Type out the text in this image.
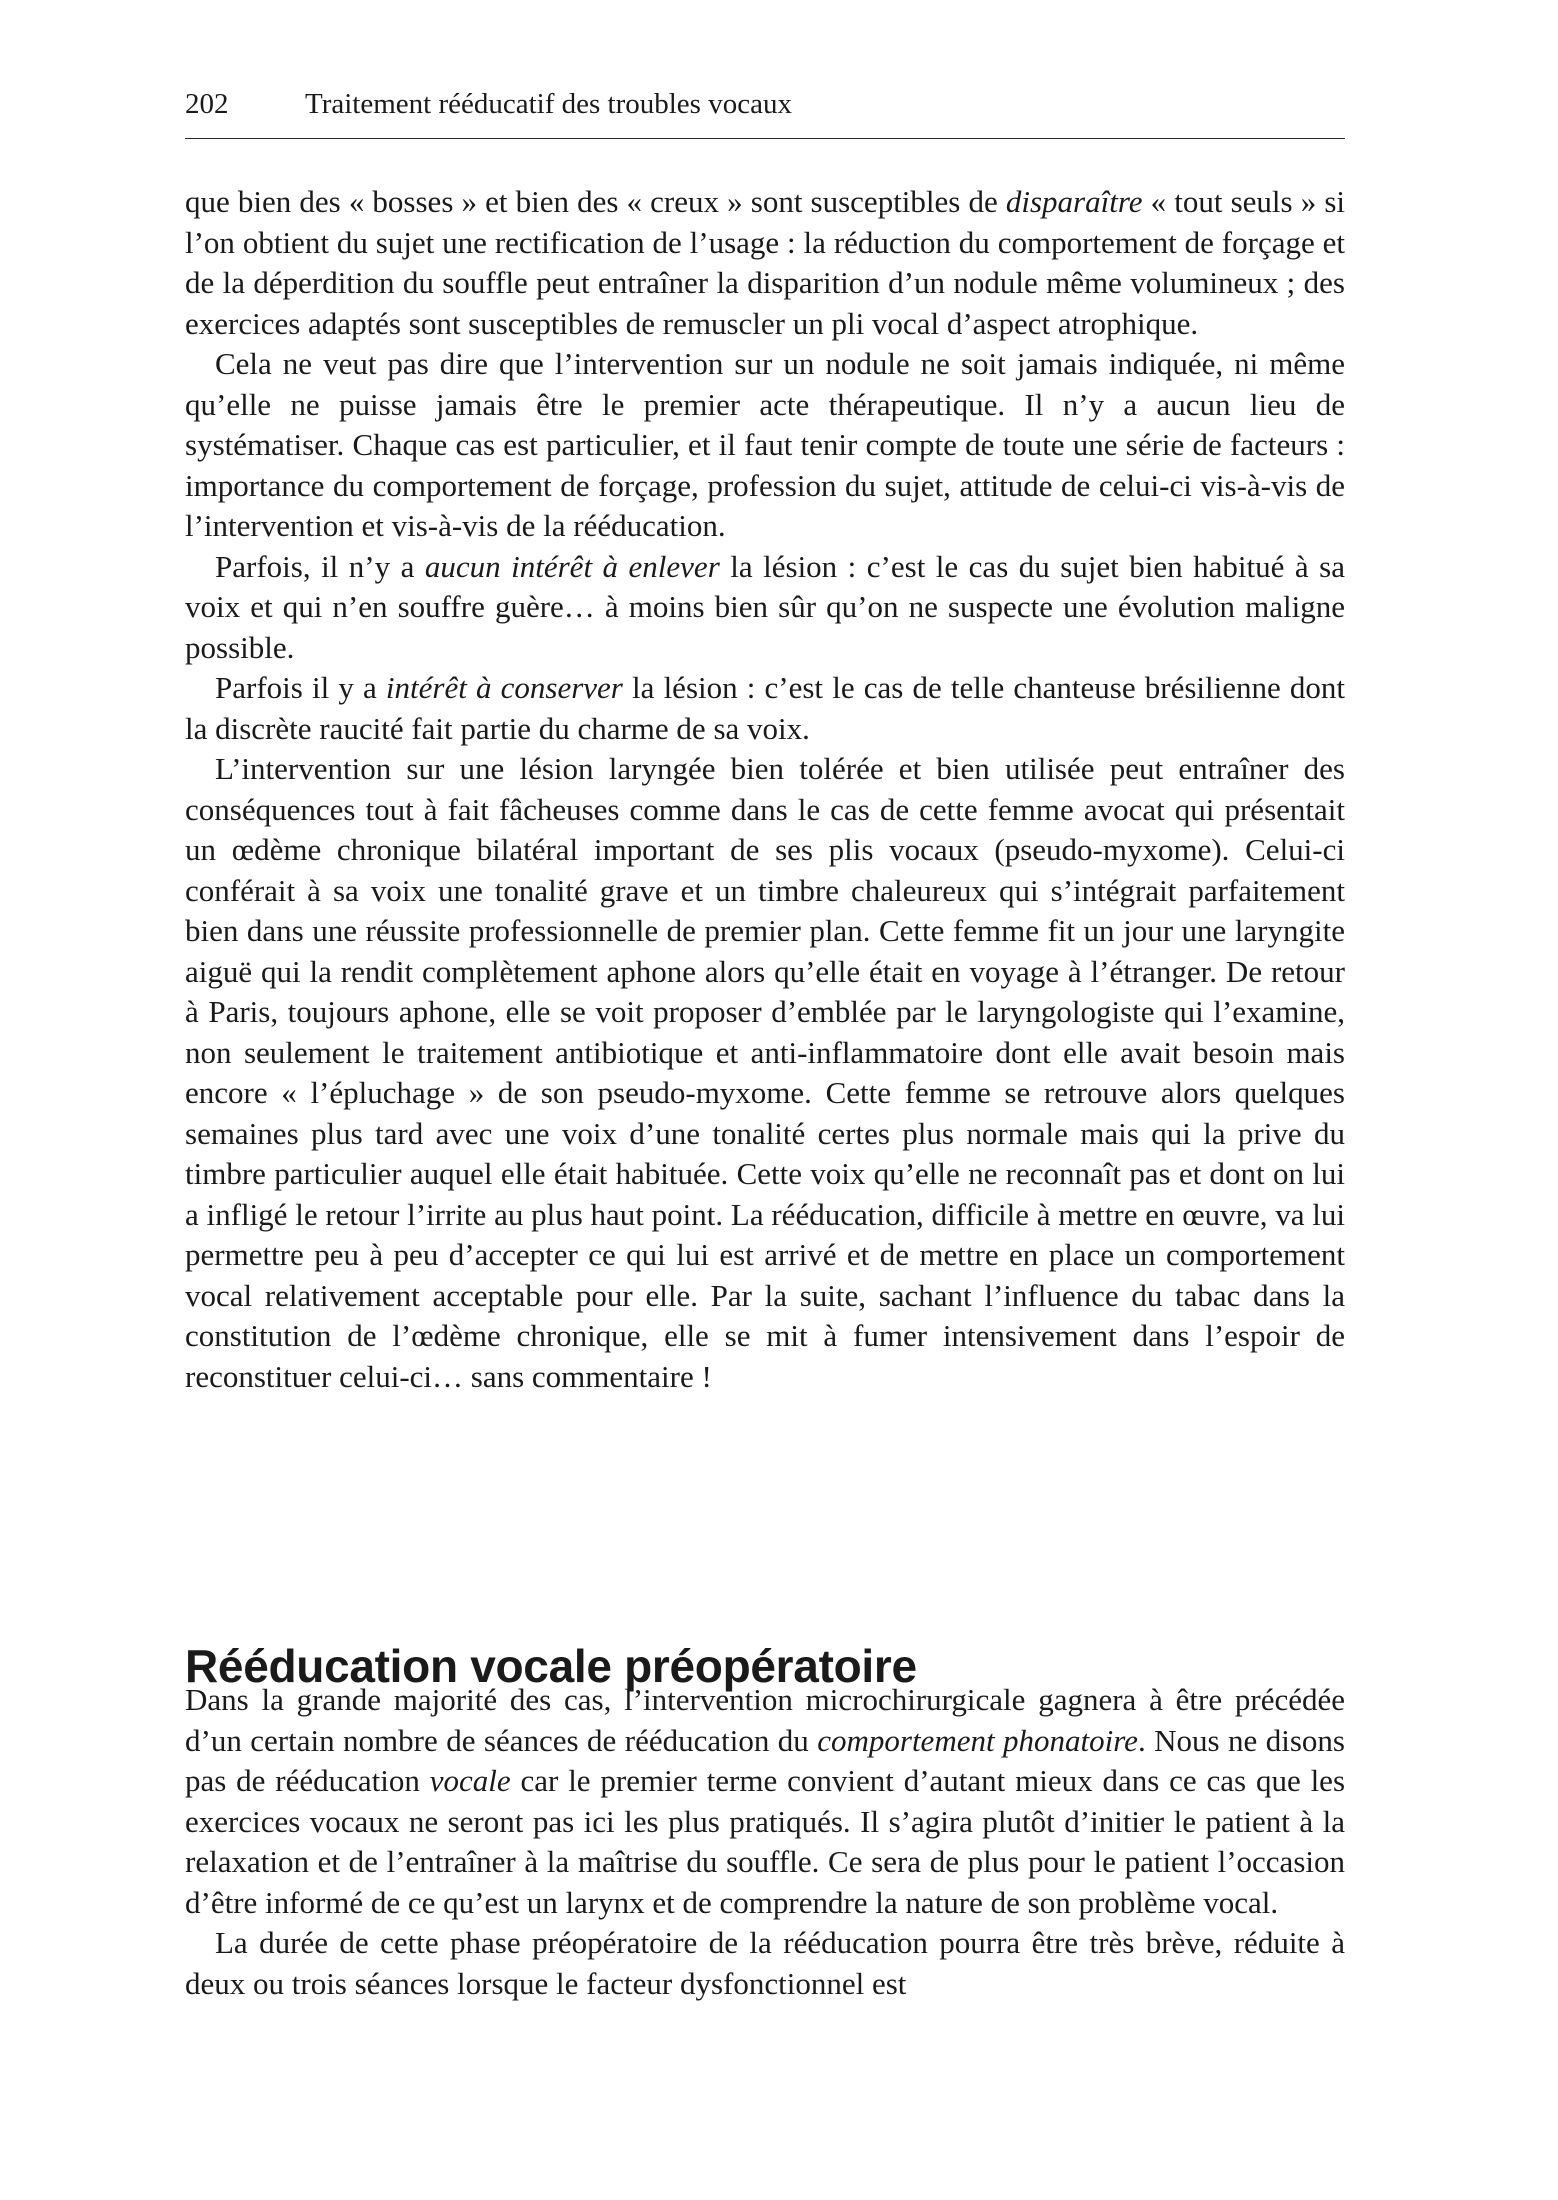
202	Traitement rééducatif des troubles vocaux

que bien des « bosses » et bien des « creux » sont susceptibles de disparaître « tout seuls » si l’on obtient du sujet une rectification de l’usage : la réduction du comportement de forçage et de la déperdition du souffle peut entraîner la disparition d’un nodule même volumineux ; des exercices adaptés sont susceptibles de remuscler un pli vocal d’aspect atrophique.

Cela ne veut pas dire que l’intervention sur un nodule ne soit jamais indiquée, ni même qu’elle ne puisse jamais être le premier acte thérapeutique. Il n’y a aucun lieu de systématiser. Chaque cas est particulier, et il faut tenir compte de toute une série de facteurs : importance du comportement de forçage, profession du sujet, attitude de celui-ci vis-à-vis de l’intervention et vis-à-vis de la rééducation.

Parfois, il n’y a aucun intérêt à enlever la lésion : c’est le cas du sujet bien habitué à sa voix et qui n’en souffre guère… à moins bien sûr qu’on ne suspecte une évolution maligne possible.

Parfois il y a intérêt à conserver la lésion : c’est le cas de telle chanteuse brésilienne dont la discrète raucité fait partie du charme de sa voix.

L’intervention sur une lésion laryngée bien tolérée et bien utilisée peut entraîner des conséquences tout à fait fâcheuses comme dans le cas de cette femme avocat qui présentait un œdème chronique bilatéral important de ses plis vocaux (pseudo-myxome). Celui-ci conférait à sa voix une tonalité grave et un timbre chaleureux qui s’intégrait parfaitement bien dans une réussite professionnelle de premier plan. Cette femme fit un jour une laryngite aiguë qui la rendit complètement aphone alors qu’elle était en voyage à l’étranger. De retour à Paris, toujours aphone, elle se voit proposer d’emblée par le laryngologiste qui l’examine, non seulement le traitement antibiotique et anti-inflammatoire dont elle avait besoin mais encore « l’épluchage » de son pseudo-myxome. Cette femme se retrouve alors quelques semaines plus tard avec une voix d’une tonalité certes plus normale mais qui la prive du timbre particulier auquel elle était habituée. Cette voix qu’elle ne reconnaît pas et dont on lui a infligé le retour l’irrite au plus haut point. La rééducation, difficile à mettre en œuvre, va lui permettre peu à peu d’accepter ce qui lui est arrivé et de mettre en place un comportement vocal relativement acceptable pour elle. Par la suite, sachant l’influence du tabac dans la constitution de l’œdème chronique, elle se mit à fumer intensivement dans l’espoir de reconstituer celui-ci… sans commentaire !

Rééducation vocale préopératoire

Dans la grande majorité des cas, l’intervention microchirurgicale gagnera à être précédée d’un certain nombre de séances de rééducation du comportement phonatoire. Nous ne disons pas de rééducation vocale car le premier terme convient d’autant mieux dans ce cas que les exercices vocaux ne seront pas ici les plus pratiqués. Il s’agira plutôt d’initier le patient à la relaxation et de l’entraîner à la maîtrise du souffle. Ce sera de plus pour le patient l’occasion d’être informé de ce qu’est un larynx et de comprendre la nature de son problème vocal.

La durée de cette phase préopératoire de la rééducation pourra être très brève, réduite à deux ou trois séances lorsque le facteur dysfonctionnel est
